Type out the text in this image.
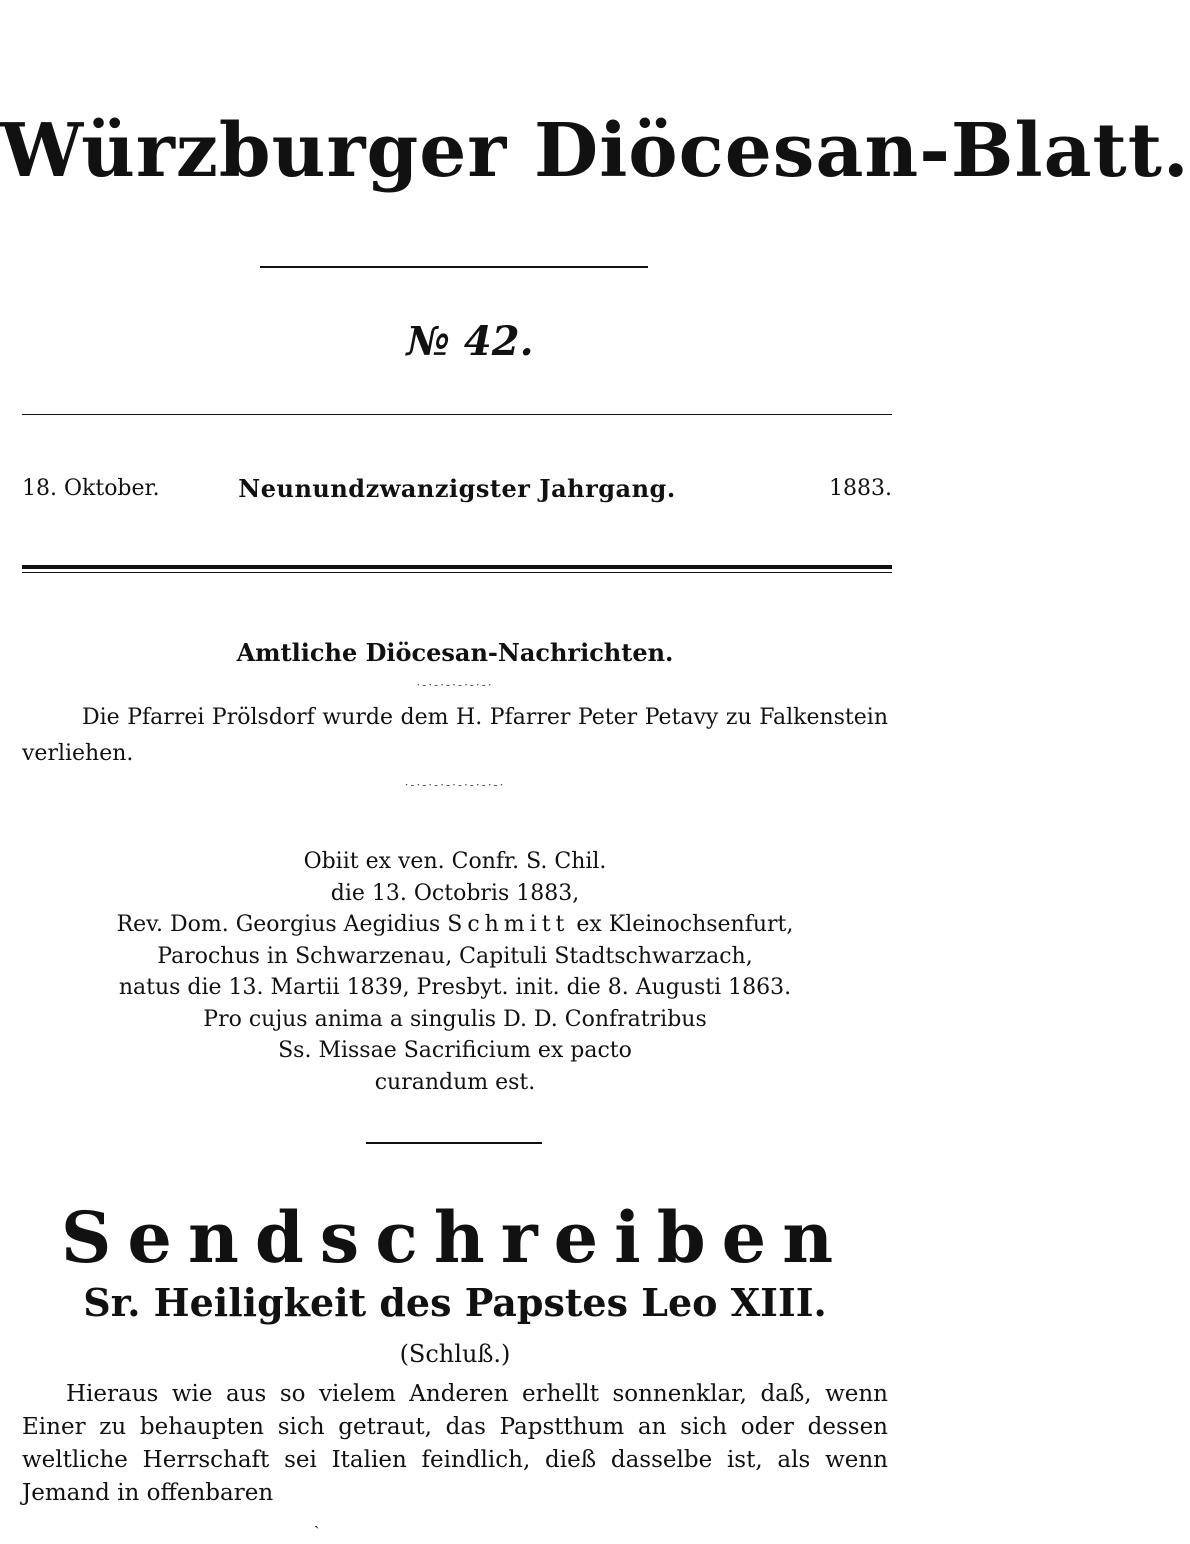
Würzburger Diöcesan-Blatt.
№ 42.
18. Oktober.	Neunundzwanzigster Jahrgang.	1883.
Amtliche Diöcesan-Nachrichten.
·-·-·-·-·-·-·
Die Pfarrei Prölsdorf wurde dem H. Pfarrer Peter Petavy zu Falkenstein verliehen.
·-·-·-·-·-·-·-·-·
Obiit ex ven. Confr. S. Chil.
die 13. Octobris 1883,
Rev. Dom. Georgius Aegidius Schmitt ex Kleinochsenfurt,
Parochus in Schwarzenau, Capituli Stadtschwarzach,
natus die 13. Martii 1839, Presbyt. init. die 8. Augusti 1863.
Pro cujus anima a singulis D. D. Confratribus
Ss. Missae Sacrificium ex pacto
curandum est.
Sendschreiben
Sr. Heiligkeit des Papstes Leo XIII.
(Schluß.)
Hieraus wie aus so vielem Anderen erhellt sonnenklar, daß, wenn Einer zu behaupten sich getraut, das Papstthum an sich oder dessen weltliche Herrschaft sei Italien feindlich, dieß dasselbe ist, als wenn Jemand in offenbaren
ˏ
